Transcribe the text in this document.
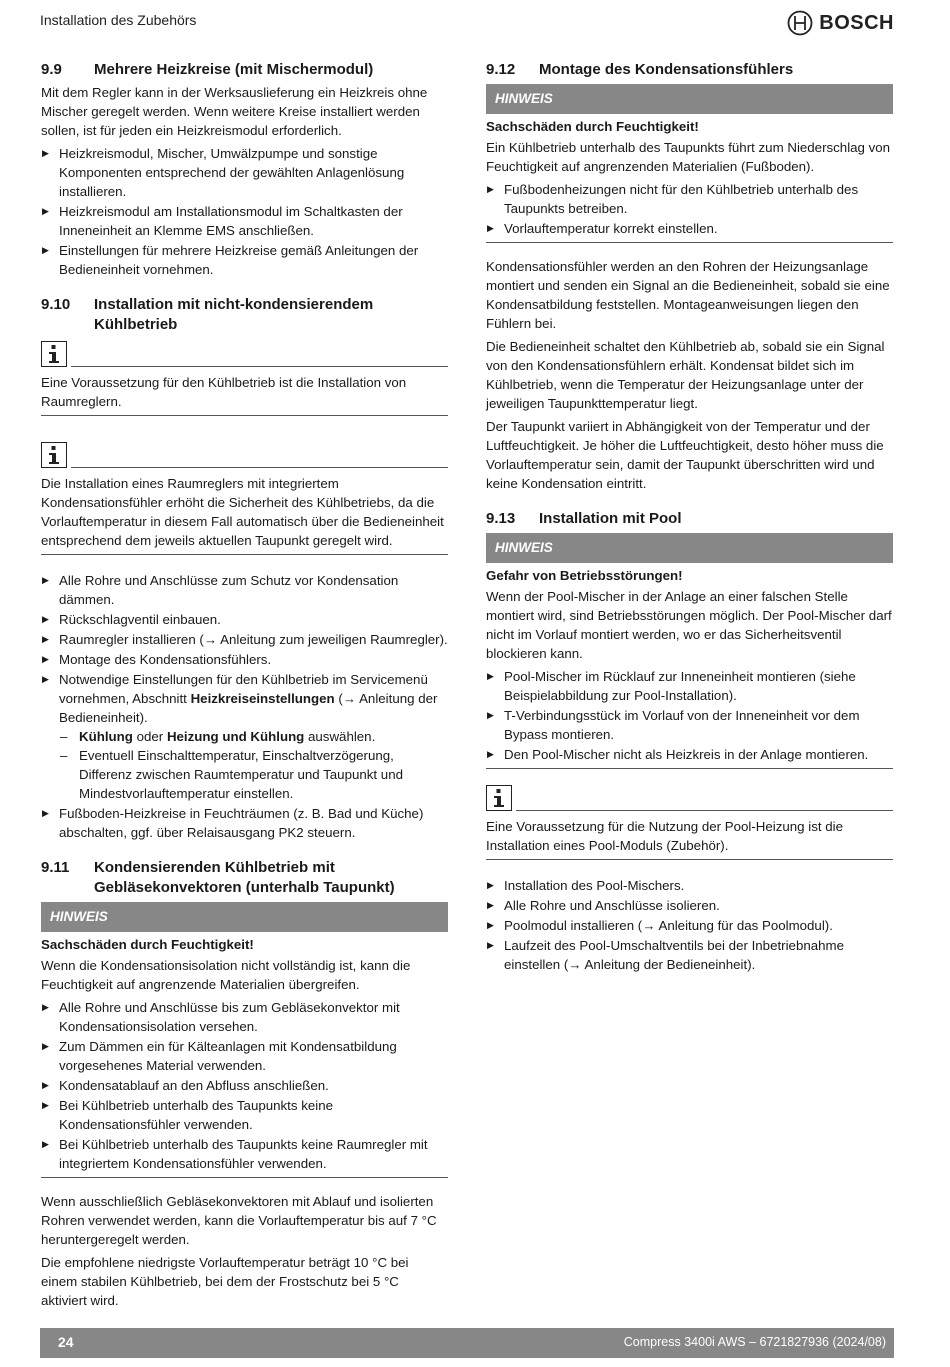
Installation des Zubehörs	BOSCH
9.9	Mehrere Heizkreise (mit Mischermodul)

Mit dem Regler kann in der Werksauslieferung ein Heizkreis ohne Mischer geregelt werden. Wenn weitere Kreise installiert werden sollen, ist für jeden ein Heizkreismodul erforderlich.

▶ Heizkreismodul, Mischer, Umwälzpumpe und sonstige Komponenten entsprechend der gewählten Anlagenlösung installieren.
▶ Heizkreismodul am Installationsmodul im Schaltkasten der Inneneinheit an Klemme EMS anschließen.
▶ Einstellungen für mehrere Heizkreise gemäß Anleitungen der Bedieneinheit vornehmen.
9.10	Installation mit nicht-kondensierendem Kühlbetrieb

Eine Voraussetzung für den Kühlbetrieb ist die Installation von Raumreglern.

Die Installation eines Raumreglers mit integriertem Kondensationsfühler erhöht die Sicherheit des Kühlbetriebs, da die Vorlauftemperatur in diesem Fall automatisch über die Bedieneinheit entsprechend dem jeweils aktuellen Taupunkt geregelt wird.

▶ Alle Rohre und Anschlüsse zum Schutz vor Kondensation dämmen.
▶ Rückschlagventil einbauen.
▶ Raumregler installieren (→ Anleitung zum jeweiligen Raumregler).
▶ Montage des Kondensationsfühlers.
▶ Notwendige Einstellungen für den Kühlbetrieb im Servicemenü vornehmen, Abschnitt Heizkreiseinstellungen (→ Anleitung der Bedieneinheit).
– Kühlung oder Heizung und Kühlung auswählen.
– Eventuell Einschalttemperatur, Einschaltverzögerung, Differenz zwischen Raumtemperatur und Taupunkt und Mindestvorlauftemperatur einstellen.
▶ Fußboden-Heizkreise in Feuchträumen (z. B. Bad und Küche) abschalten, ggf. über Relaisausgang PK2 steuern.
9.11	Kondensierenden Kühlbetrieb mit Gebläsekonvektoren (unterhalb Taupunkt)
HINWEIS
Sachschäden durch Feuchtigkeit!

Wenn die Kondensationsisolation nicht vollständig ist, kann die Feuchtigkeit auf angrenzende Materialien übergreifen.

▶ Alle Rohre und Anschlüsse bis zum Gebläsekonvektor mit Kondensationsisolation versehen.
▶ Zum Dämmen ein für Kälteanlagen mit Kondensatbildung vorgesehenes Material verwenden.
▶ Kondensatablauf an den Abfluss anschließen.
▶ Bei Kühlbetrieb unterhalb des Taupunkts keine Kondensationsfühler verwenden.
▶ Bei Kühlbetrieb unterhalb des Taupunkts keine Raumregler mit integriertem Kondensationsfühler verwenden.

Wenn ausschließlich Gebläsekonvektoren mit Ablauf und isolierten Rohren verwendet werden, kann die Vorlauftemperatur bis auf 7 °C heruntergeregelt werden.

Die empfohlene niedrigste Vorlauftemperatur beträgt 10 °C bei einem stabilen Kühlbetrieb, bei dem der Frostschutz bei 5 °C aktiviert wird.

9.12	Montage des Kondensationsfühlers
HINWEIS
Sachschäden durch Feuchtigkeit!

Ein Kühlbetrieb unterhalb des Taupunkts führt zum Niederschlag von Feuchtigkeit auf angrenzenden Materialien (Fußboden).

▶ Fußbodenheizungen nicht für den Kühlbetrieb unterhalb des Taupunkts betreiben.
▶ Vorlauftemperatur korrekt einstellen.

Kondensationsfühler werden an den Rohren der Heizungsanlage montiert und senden ein Signal an die Bedieneinheit, sobald sie eine Kondensatbildung feststellen. Montageanweisungen liegen den Fühlern bei.

Die Bedieneinheit schaltet den Kühlbetrieb ab, sobald sie ein Signal von den Kondensationsfühlern erhält. Kondensat bildet sich im Kühlbetrieb, wenn die Temperatur der Heizungsanlage unter der jeweiligen Taupunkttemperatur liegt.

Der Taupunkt variiert in Abhängigkeit von der Temperatur und der Luftfeuchtigkeit. Je höher die Luftfeuchtigkeit, desto höher muss die Vorlauftemperatur sein, damit der Taupunkt überschritten wird und keine Kondensation eintritt.

9.13	Installation mit Pool
HINWEIS
Gefahr von Betriebsstörungen!

Wenn der Pool-Mischer in der Anlage an einer falschen Stelle montiert wird, sind Betriebsstörungen möglich. Der Pool-Mischer darf nicht im Vorlauf montiert werden, wo er das Sicherheitsventil blockieren kann.

▶ Pool-Mischer im Rücklauf zur Inneneinheit montieren (siehe Beispielabbildung zur Pool-Installation).
▶ T-Verbindungsstück im Vorlauf von der Inneneinheit vor dem Bypass montieren.
▶ Den Pool-Mischer nicht als Heizkreis in der Anlage montieren.

Eine Voraussetzung für die Nutzung der Pool-Heizung ist die Installation eines Pool-Moduls (Zubehör).

▶ Installation des Pool-Mischers.
▶ Alle Rohre und Anschlüsse isolieren.
▶ Poolmodul installieren (→ Anleitung für das Poolmodul).
▶ Laufzeit des Pool-Umschaltventils bei der Inbetriebnahme einstellen (→ Anleitung der Bedieneinheit).
24	Compress 3400i AWS – 6721827936 (2024/08)
